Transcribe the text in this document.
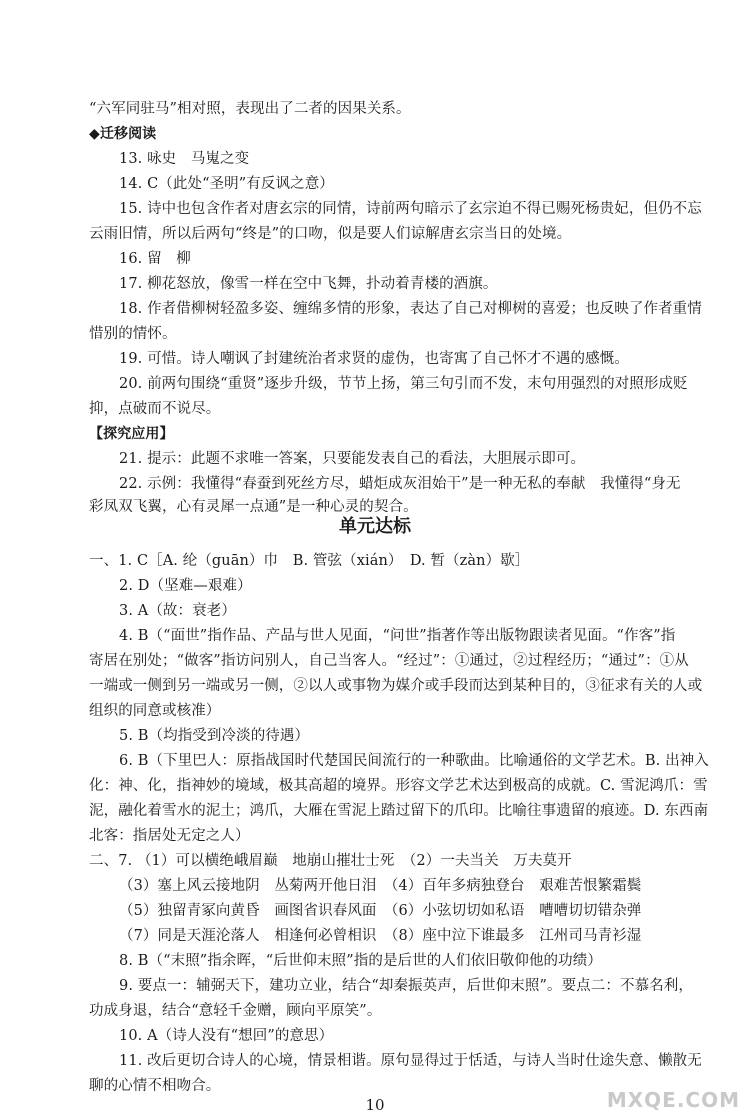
“六军同驻马”相对照，表现出了二者的因果关系。
◆迁移阅读
13. 咏史　马嵬之变
14. C（此处“圣明”有反讽之意）
15. 诗中也包含作者对唐玄宗的同情，诗前两句暗示了玄宗迫不得已赐死杨贵妃，但仍不忘
云雨旧情，所以后两句“终是”的口吻，似是要人们谅解唐玄宗当日的处境。
16. 留　柳
17. 柳花怒放，像雪一样在空中飞舞，扑动着青楼的酒旗。
18. 作者借柳树轻盈多姿、缠绵多情的形象，表达了自己对柳树的喜爱；也反映了作者重情
惜别的情怀。
19. 可惜。诗人嘲讽了封建统治者求贤的虚伪，也寄寓了自己怀才不遇的感慨。
20. 前两句围绕“重贤”逐步升级，节节上扬，第三句引而不发，末句用强烈的对照形成贬
抑，点破而不说尽。
【探究应用】
21. 提示：此题不求唯一答案，只要能发表自己的看法，大胆展示即可。
22. 示例：我懂得“春蚕到死丝方尽，蜡炬成灰泪始干”是一种无私的奉献　我懂得“身无
彩凤双飞翼，心有灵犀一点通”是一种心灵的契合。
单元达标
一、1. C［A. 纶（guān）巾　B. 管弦（xián）　D. 暂（zàn）歇］
2. D（坚难—艰难）
3. A（故：衰老）
4. B（“面世”指作品、产品与世人见面，“问世”指著作等出版物跟读者见面。“作客”指
寄居在别处；“做客”指访问别人，自己当客人。“经过”：①通过，②过程经历；“通过”：①从
一端或一侧到另一端或另一侧，②以人或事物为媒介或手段而达到某种目的，③征求有关的人或
组织的同意或核准）
5. B（均指受到冷淡的待遇）
6. B（下里巴人：原指战国时代楚国民间流行的一种歌曲。比喻通俗的文学艺术。B. 出神入
化：神、化，指神妙的境域，极其高超的境界。形容文学艺术达到极高的成就。C. 雪泥鸿爪：雪
泥，融化着雪水的泥土；鸿爪，大雁在雪泥上踏过留下的爪印。比喻往事遗留的痕迹。D. 东西南
北客：指居处无定之人）
二、7. （1）可以横绝峨眉巅　地崩山摧壮士死　（2）一夫当关　万夫莫开
（3）塞上风云接地阴　丛菊两开他日泪　（4）百年多病独登台　艰难苦恨繁霜鬓
（5）独留青冢向黄昏　画图省识春风面　（6）小弦切切如私语　嘈嘈切切错杂弹
（7）同是天涯沦落人　相逢何必曾相识　（8）座中泣下谁最多　江州司马青衫湿
8. B（“末照”指余晖，“后世仰末照”指的是后世的人们依旧敬仰他的功绩）
9. 要点一：辅弼天下，建功立业，结合“却秦振英声，后世仰末照”。要点二：不慕名利，
功成身退，结合“意轻千金赠，顾向平原笑”。
10. A（诗人没有“想回”的意思）
11. 改后更切合诗人的心境，情景相谐。原句显得过于恬适，与诗人当时仕途失意、懒散无
聊的心情不相吻合。
10	MXQE.COM
